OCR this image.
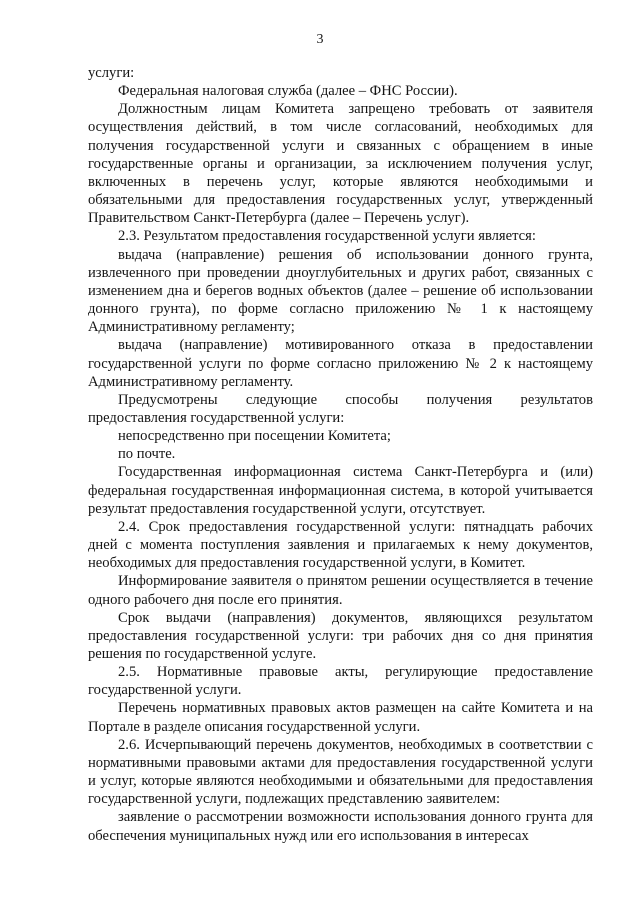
3

услуги:

Федеральная налоговая служба (далее – ФНС России).

Должностным лицам Комитета запрещено требовать от заявителя осуществления действий, в том числе согласований, необходимых для получения государственной услуги и связанных с обращением в иные государственные органы и организации, за исключением получения услуг, включенных в перечень услуг, которые являются необходимыми и обязательными для предоставления государственных услуг, утвержденный Правительством Санкт-Петербурга (далее – Перечень услуг).

2.3. Результатом предоставления государственной услуги является:

выдача (направление) решения об использовании донного грунта, извлеченного при проведении дноуглубительных и других работ, связанных с изменением дна и берегов водных объектов (далее – решение об использовании донного грунта), по форме согласно приложению № 1 к настоящему Административному регламенту;

выдача (направление) мотивированного отказа в предоставлении государственной услуги по форме согласно приложению № 2 к настоящему Административному регламенту.

Предусмотрены следующие способы получения результатов предоставления государственной услуги:

непосредственно при посещении Комитета;

по почте.

Государственная информационная система Санкт-Петербурга и (или) федеральная государственная информационная система, в которой учитывается результат предоставления государственной услуги, отсутствует.

2.4. Срок предоставления государственной услуги: пятнадцать рабочих дней с момента поступления заявления и прилагаемых к нему документов, необходимых для предоставления государственной услуги, в Комитет.

Информирование заявителя о принятом решении осуществляется в течение одного рабочего дня после его принятия.

Срок выдачи (направления) документов, являющихся результатом предоставления государственной услуги: три рабочих дня со дня принятия решения по государственной услуге.

2.5. Нормативные правовые акты, регулирующие предоставление государственной услуги.

Перечень нормативных правовых актов размещен на сайте Комитета и на Портале в разделе описания государственной услуги.

2.6. Исчерпывающий перечень документов, необходимых в соответствии с нормативными правовыми актами для предоставления государственной услуги и услуг, которые являются необходимыми и обязательными для предоставления государственной услуги, подлежащих представлению заявителем:

заявление о рассмотрении возможности использования донного грунта для обеспечения муниципальных нужд или его использования в интересах
